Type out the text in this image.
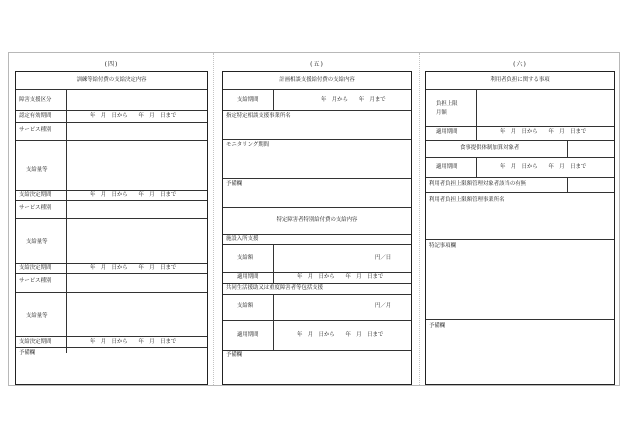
(四)
訓練等給付費の支給決定内容
障害支援区分
認定有効期間	年　月　日から　　年　月　日まで
サービス種別
支給量等
支給決定期間	年　月　日から　　年　月　日まで
サービス種別
支給量等
支給決定期間	年　月　日から　　年　月　日まで
サービス種別
支給量等
支給決定期間	年　月　日から　　年　月　日まで
予備欄
(五)
計画相談支援給付費の支給内容
支給期間	年　月から　　年　月まで
指定特定相談支援事業所名
モニタリング期間
予備欄
特定障害者特別給付費の支給内容
施設入所支援
支給額	円／日
適用期間	年　月　日から　　年　月　日まで
共同生活援助又は重度障害者等包括支援
支給額	円／月
適用期間	年　月　日から　　年　月　日まで
予備欄
(六)
利用者負担に関する事項
負担上限
月額
適用期間	年　月　日から　　年　月　日まで
食事提供体制加算対象者
適用期間	年　月　日から　　年　月　日まで
利用者負担上限額管理対象者該当の有無
利用者負担上限額管理事業所名
特記事項欄
予備欄
